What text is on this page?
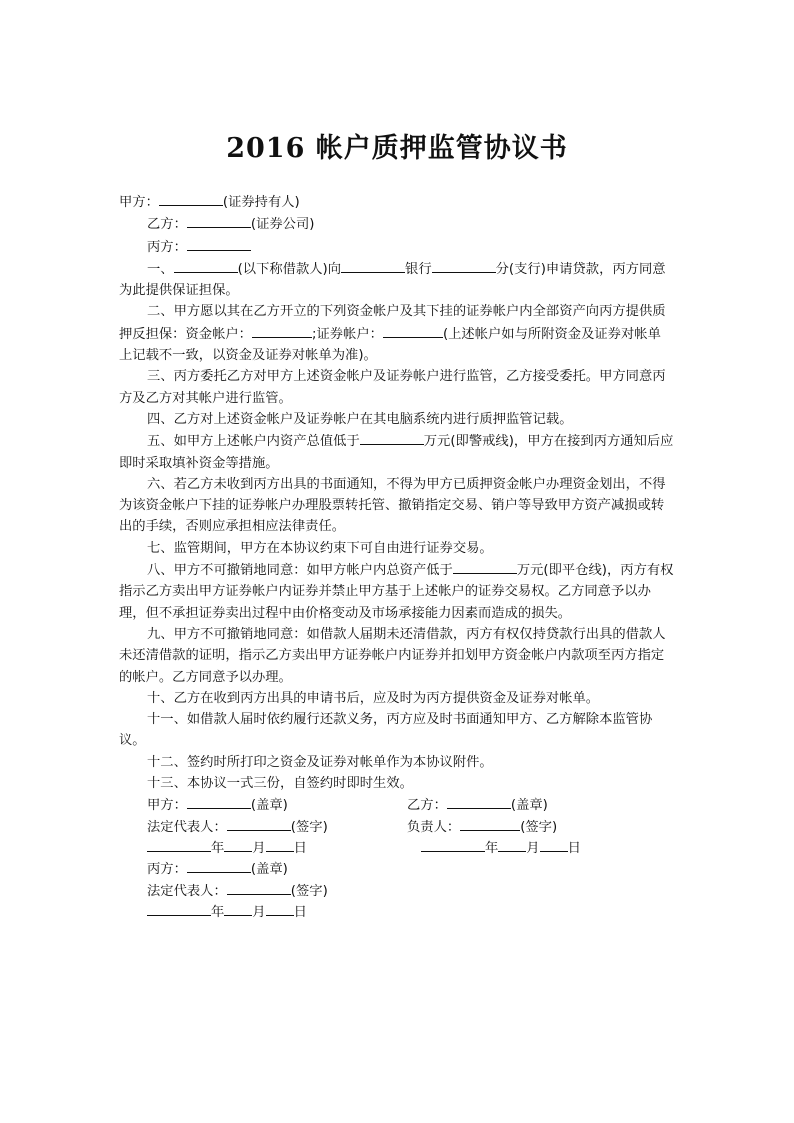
2016 帐户质押监管协议书

甲方：	(证券持有人)

乙方：	(证券公司)

丙方：

一、	(以下称借款人)向	银行	分(支行)申请贷款，丙方同意为此提供保证担保。

二、甲方愿以其在乙方开立的下列资金帐户及其下挂的证券帐户内全部资产向丙方提供质押反担保：资金帐户：	;证券帐户：	(上述帐户如与所附资金及证券对帐单上记载不一致，以资金及证券对帐单为准)。

三、丙方委托乙方对甲方上述资金帐户及证券帐户进行监管，乙方接受委托。甲方同意丙方及乙方对其帐户进行监管。

四、乙方对上述资金帐户及证券帐户在其电脑系统内进行质押监管记载。

五、如甲方上述帐户内资产总值低于	万元(即警戒线)，甲方在接到丙方通知后应即时采取填补资金等措施。

六、若乙方未收到丙方出具的书面通知，不得为甲方已质押资金帐户办理资金划出，不得为该资金帐户下挂的证券帐户办理股票转托管、撤销指定交易、销户等导致甲方资产减损或转出的手续，否则应承担相应法律责任。

七、监管期间，甲方在本协议约束下可自由进行证券交易。

八、甲方不可撤销地同意：如甲方帐户内总资产低于	万元(即平仓线)，丙方有权指示乙方卖出甲方证券帐户内证券并禁止甲方基于上述帐户的证券交易权。乙方同意予以办理，但不承担证券卖出过程中由价格变动及市场承接能力因素而造成的损失。

九、甲方不可撤销地同意：如借款人届期未还清借款，丙方有权仅持贷款行出具的借款人未还清借款的证明，指示乙方卖出甲方证券帐户内证券并扣划甲方资金帐户内款项至丙方指定的帐户。乙方同意予以办理。

十、乙方在收到丙方出具的申请书后，应及时为丙方提供资金及证券对帐单。

十一、如借款人届时依约履行还款义务，丙方应及时书面通知甲方、乙方解除本监管协议。

十二、签约时所打印之资金及证券对帐单作为本协议附件。

十三、本协议一式三份，自签约时即时生效。

甲方：	(盖章)	乙方：	(盖章)
法定代表人：	(签字)	负责人：	(签字)
年 月 日	年 月 日
丙方：	(盖章)
法定代表人：	(签字)
年 月 日
